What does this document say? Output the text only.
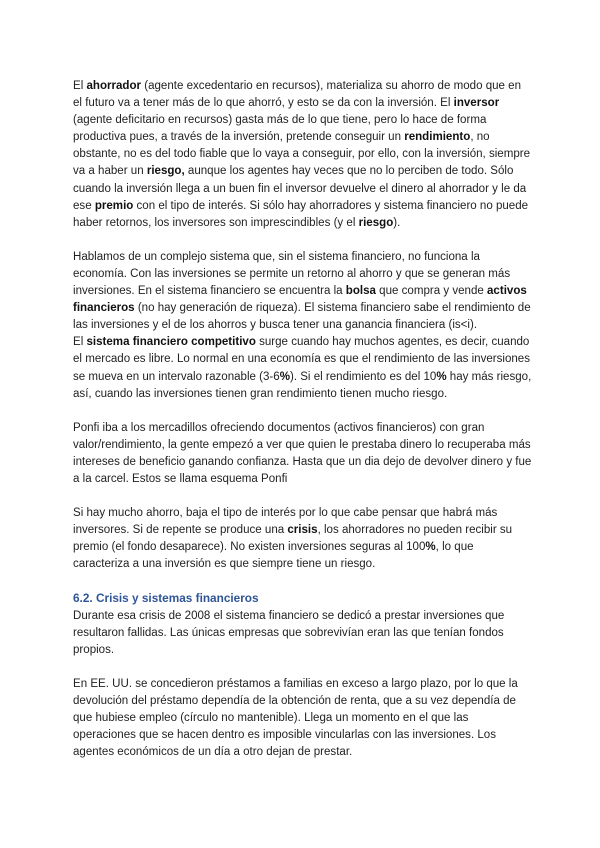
El ahorrador (agente excedentario en recursos), materializa su ahorro de modo que en el futuro va a tener más de lo que ahorró, y esto se da con la inversión. El inversor (agente deficitario en recursos) gasta más de lo que tiene, pero lo hace de forma productiva pues, a través de la inversión, pretende conseguir un rendimiento, no obstante, no es del todo fiable que lo vaya a conseguir, por ello, con la inversión, siempre va a haber un riesgo, aunque los agentes hay veces que no lo perciben de todo. Sólo cuando la inversión llega a un buen fin el inversor devuelve el dinero al ahorrador y le da ese premio con el tipo de interés. Si sólo hay ahorradores y sistema financiero no puede haber retornos, los inversores son imprescindibles (y el riesgo).

Hablamos de un complejo sistema que, sin el sistema financiero, no funciona la economía. Con las inversiones se permite un retorno al ahorro y que se generan más inversiones. En el sistema financiero se encuentra la bolsa que compra y vende activos financieros (no hay generación de riqueza). El sistema financiero sabe el rendimiento de las inversiones y el de los ahorros y busca tener una ganancia financiera (is<i).

El sistema financiero competitivo surge cuando hay muchos agentes, es decir, cuando el mercado es libre. Lo normal en una economía es que el rendimiento de las inversiones se mueva en un intervalo razonable (3-6%). Si el rendimiento es del 10% hay más riesgo, así, cuando las inversiones tienen gran rendimiento tienen mucho riesgo.

Ponfi iba a los mercadillos ofreciendo documentos (activos financieros) con gran valor/rendimiento, la gente empezó a ver que quien le prestaba dinero lo recuperaba más intereses de beneficio ganando confianza. Hasta que un dia dejo de devolver dinero y fue a la carcel. Estos se llama esquema Ponfi

Si hay mucho ahorro, baja el tipo de interés por lo que cabe pensar que habrá más inversores. Si de repente se produce una crisis, los ahorradores no pueden recibir su premio (el fondo desaparece). No existen inversiones seguras al 100%, lo que caracteriza a una inversión es que siempre tiene un riesgo.

6.2. Crisis y sistemas financieros

Durante esa crisis de 2008 el sistema financiero se dedicó a prestar inversiones que resultaron fallidas. Las únicas empresas que sobrevivían eran las que tenían fondos propios.

En EE. UU. se concedieron préstamos a familias en exceso a largo plazo, por lo que la devolución del préstamo dependía de la obtención de renta, que a su vez dependía de que hubiese empleo (círculo no mantenible). Llega un momento en el que las operaciones que se hacen dentro es imposible vincularlas con las inversiones. Los agentes económicos de un día a otro dejan de prestar.
